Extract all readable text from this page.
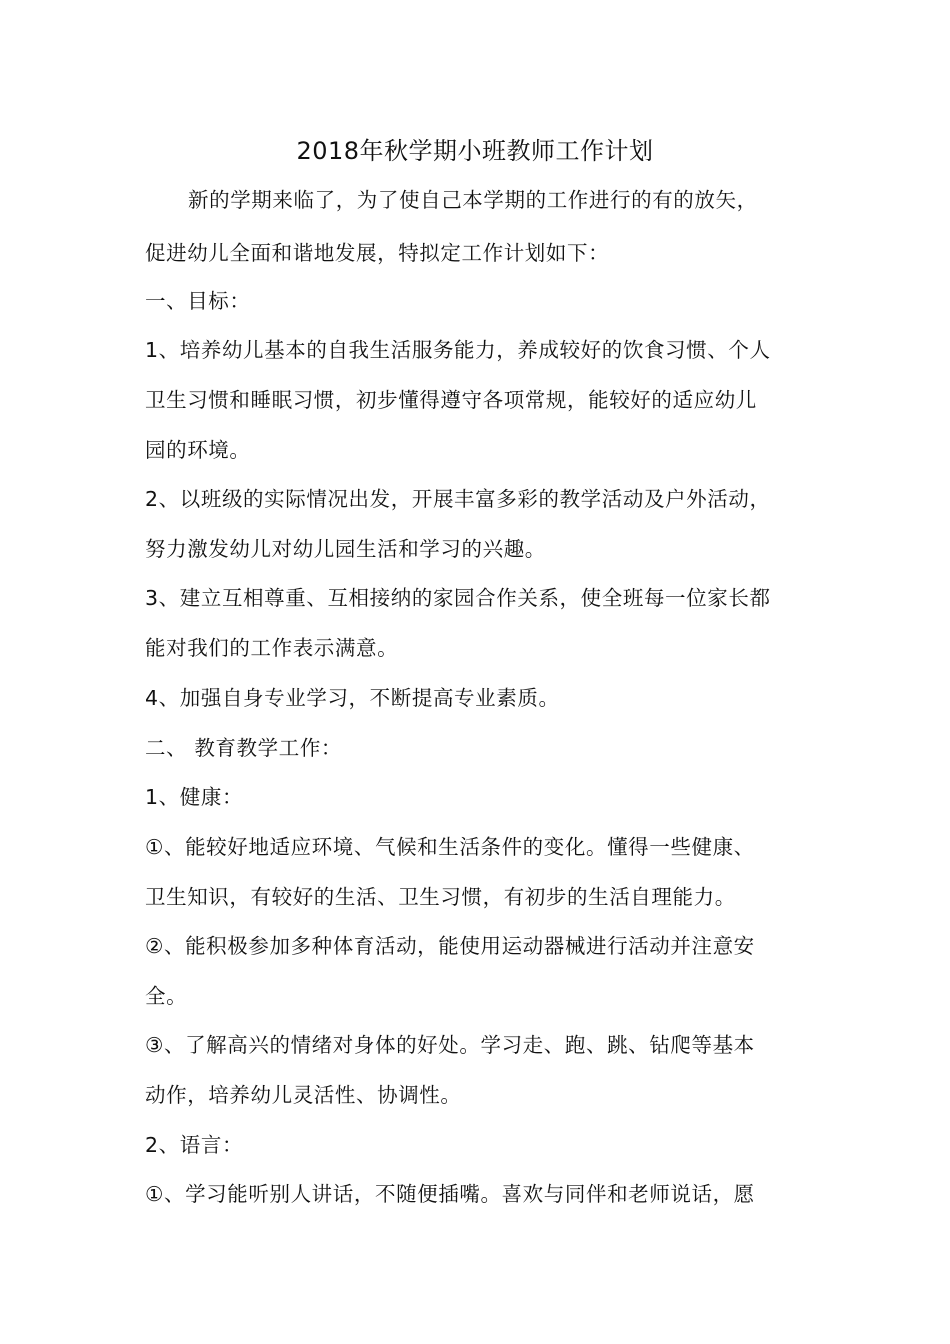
2018年秋学期小班教师工作计划
新的学期来临了，为了使自己本学期的工作进行的有的放矢，
促进幼儿全面和谐地发展，特拟定工作计划如下：
一、目标：
1、培养幼儿基本的自我生活服务能力，养成较好的饮食习惯、个人
卫生习惯和睡眠习惯，初步懂得遵守各项常规，能较好的适应幼儿
园的环境。
2、以班级的实际情况出发，开展丰富多彩的教学活动及户外活动，
努力激发幼儿对幼儿园生活和学习的兴趣。
3、建立互相尊重、互相接纳的家园合作关系，使全班每一位家长都
能对我们的工作表示满意。
4、加强自身专业学习，不断提高专业素质。
二、 教育教学工作：
1、健康：
①、能较好地适应环境、气候和生活条件的变化。懂得一些健康、
卫生知识，有较好的生活、卫生习惯，有初步的生活自理能力。
②、能积极参加多种体育活动，能使用运动器械进行活动并注意安
全。
③、了解高兴的情绪对身体的好处。学习走、跑、跳、钻爬等基本
动作，培养幼儿灵活性、协调性。
2、语言：
①、学习能听别人讲话，不随便插嘴。喜欢与同伴和老师说话，愿
